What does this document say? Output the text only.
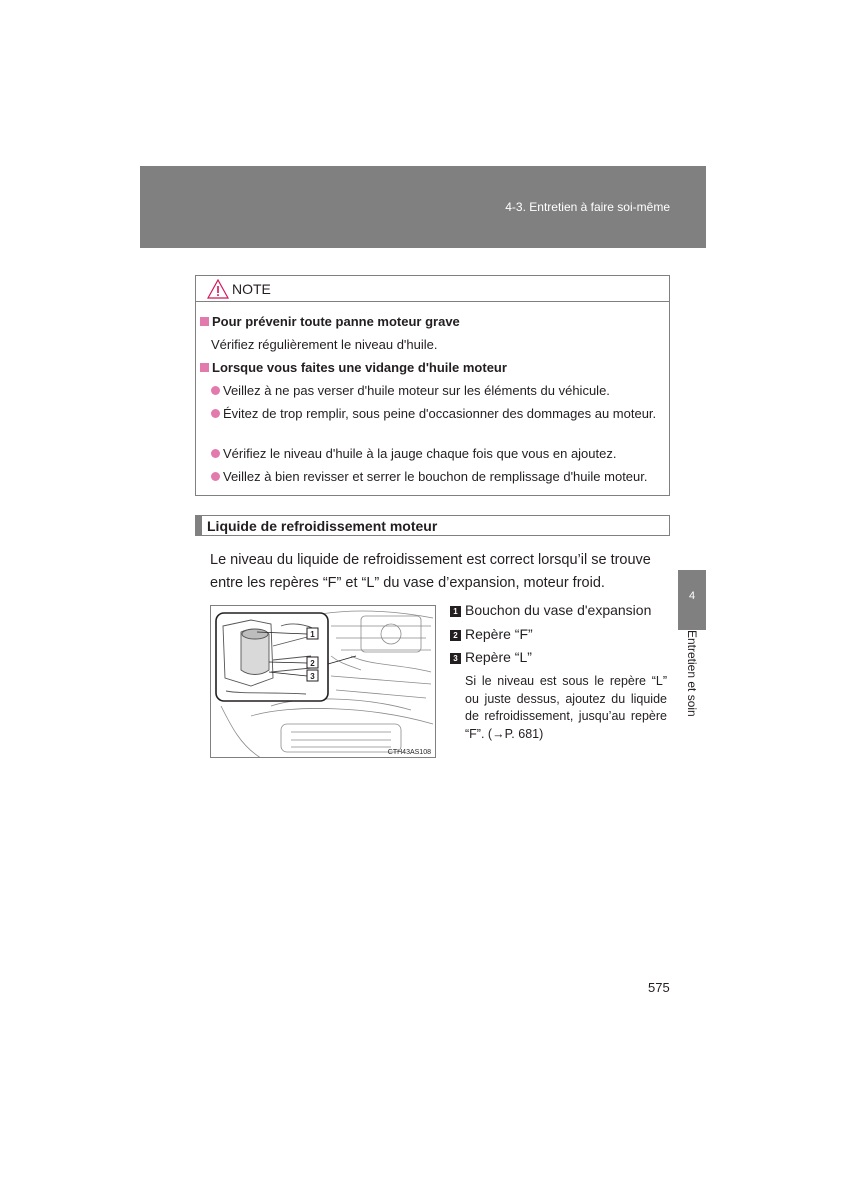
4-3. Entretien à faire soi-même
4
Entretien et soin
NOTE
Pour prévenir toute panne moteur grave
Vérifiez régulièrement le niveau d'huile.
Lorsque vous faites une vidange d'huile moteur
Veillez à ne pas verser d'huile moteur sur les éléments du véhicule.
Évitez de trop remplir, sous peine d'occasionner des dommages au moteur.
Vérifiez le niveau d'huile à la jauge chaque fois que vous en ajoutez.
Veillez à bien revisser et serrer le bouchon de remplissage d'huile moteur.
Liquide de refroidissement moteur
Le niveau du liquide de refroidissement est correct lorsqu’il se trouve entre les repères “F” et “L” du vase d’expansion, moteur froid.
1
2
3
CTH43AS108
1 Bouchon du vase d'expansion
2 Repère “F”
3 Repère “L”
Si le niveau est sous le repère “L” ou juste dessus, ajoutez du liquide de refroidissement, jusqu’au repère “F”. (→P. 681)
575
